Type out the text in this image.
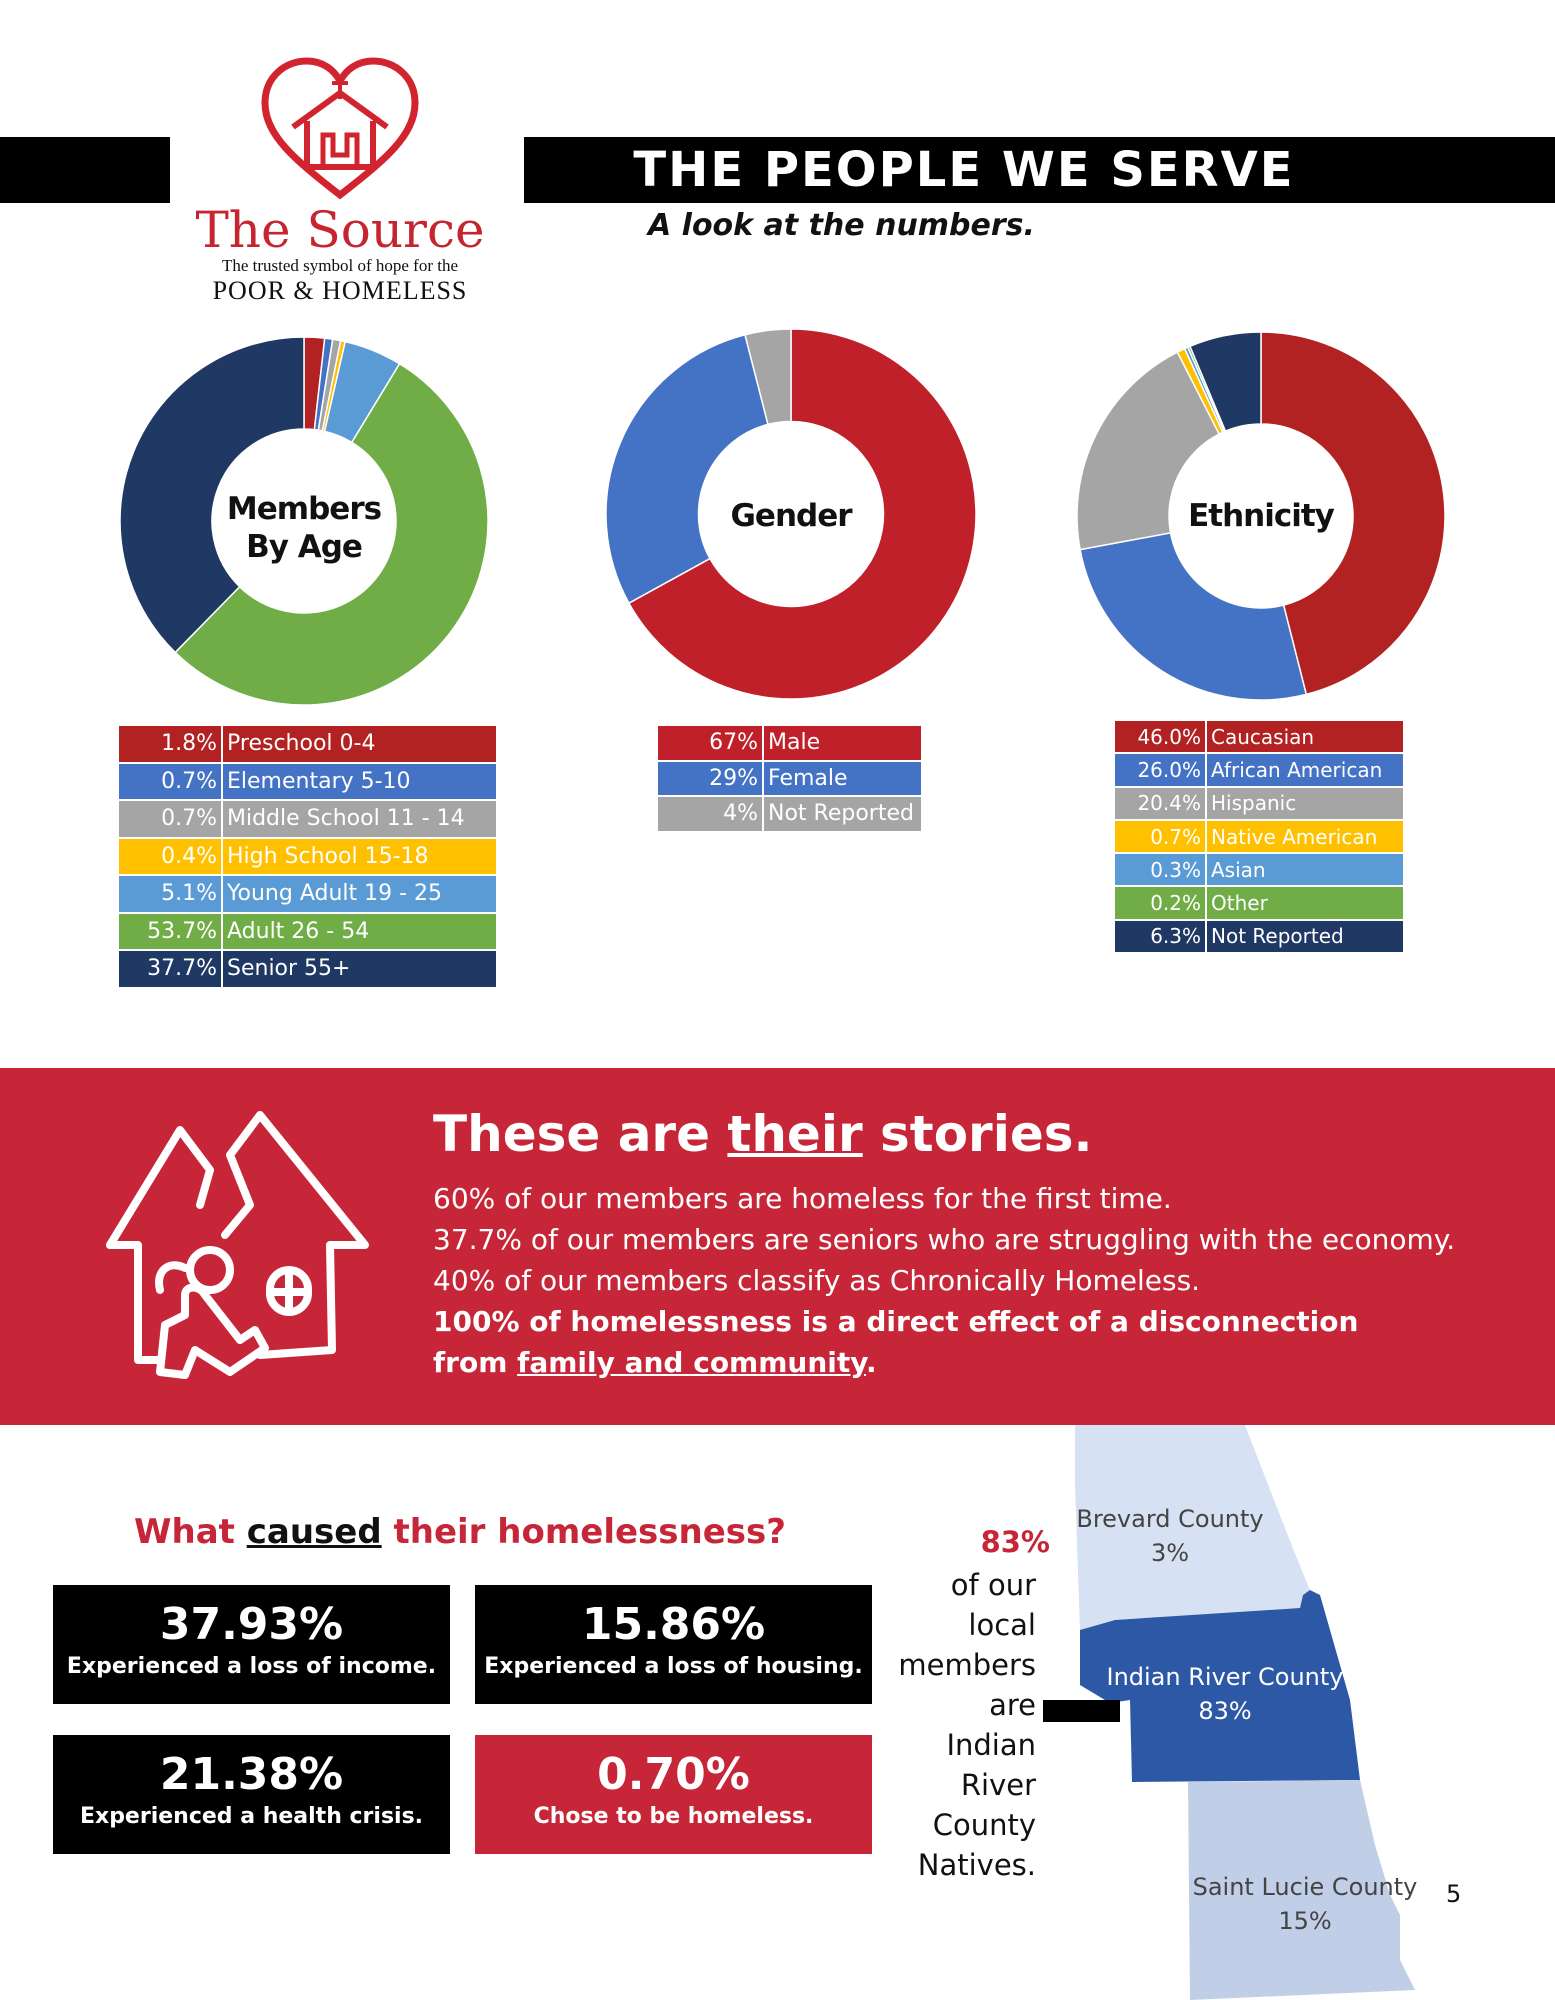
THE PEOPLE WE SERVE
A look at the numbers.
The Source
The trusted symbol of hope for the
POOR & HOMELESS
Members
By Age
Gender	Ethnicity
1.8%	Preschool 0-4
0.7%	Elementary 5-10
0.7%	Middle School 11 - 14
0.4%	High School 15-18
5.1%	Young Adult 19 - 25
53.7%	Adult 26 - 54
37.7%	Senior 55+
67%	Male
29%	Female
4%	Not Reported
46.0%	Caucasian
26.0%	African American
20.4%	Hispanic
0.7%	Native American
0.3%	Asian
0.2%	Other
6.3%	Not Reported
These are their stories.
60% of our members are homeless for the first time.
37.7% of our members are seniors who are struggling with the economy.
40% of our members classify as Chronically Homeless.
100% of homelessness is a direct effect of a disconnection
from family and community.
What caused their homelessness?
37.93%
Experienced a loss of income.
15.86%
Experienced a loss of housing.
21.38%
Experienced a health crisis.
0.70%
Chose to be homeless.
83%
of our
local
members
are
Indian
River
County
Natives.
Brevard County
3%
Indian River County
83%
Saint Lucie County
15%
5
